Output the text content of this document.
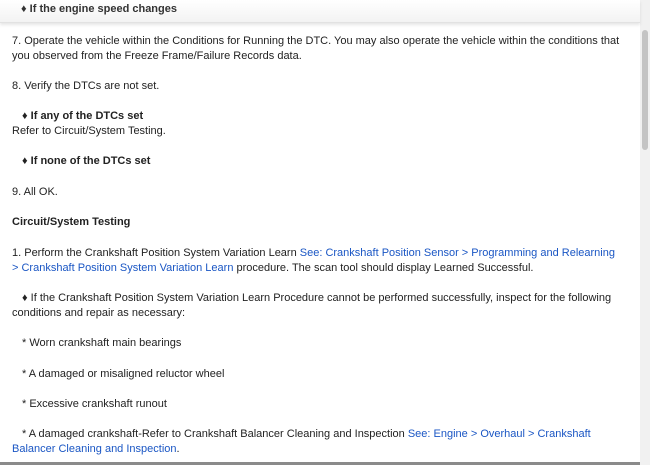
♦ If the engine speed changes
7. Operate the vehicle within the Conditions for Running the DTC. You may also operate the vehicle within the conditions that you observed from the Freeze Frame/Failure Records data.
8. Verify the DTCs are not set.
♦ If any of the DTCs set
Refer to Circuit/System Testing.
♦ If none of the DTCs set
9. All OK.
Circuit/System Testing
1. Perform the Crankshaft Position System Variation Learn See: Crankshaft Position Sensor > Programming and Relearning > Crankshaft Position System Variation Learn procedure. The scan tool should display Learned Successful.
♦ If the Crankshaft Position System Variation Learn Procedure cannot be performed successfully, inspect for the following conditions and repair as necessary:
* Worn crankshaft main bearings
* A damaged or misaligned reluctor wheel
* Excessive crankshaft runout
* A damaged crankshaft-Refer to Crankshaft Balancer Cleaning and Inspection See: Engine > Overhaul > Crankshaft Balancer Cleaning and Inspection.
